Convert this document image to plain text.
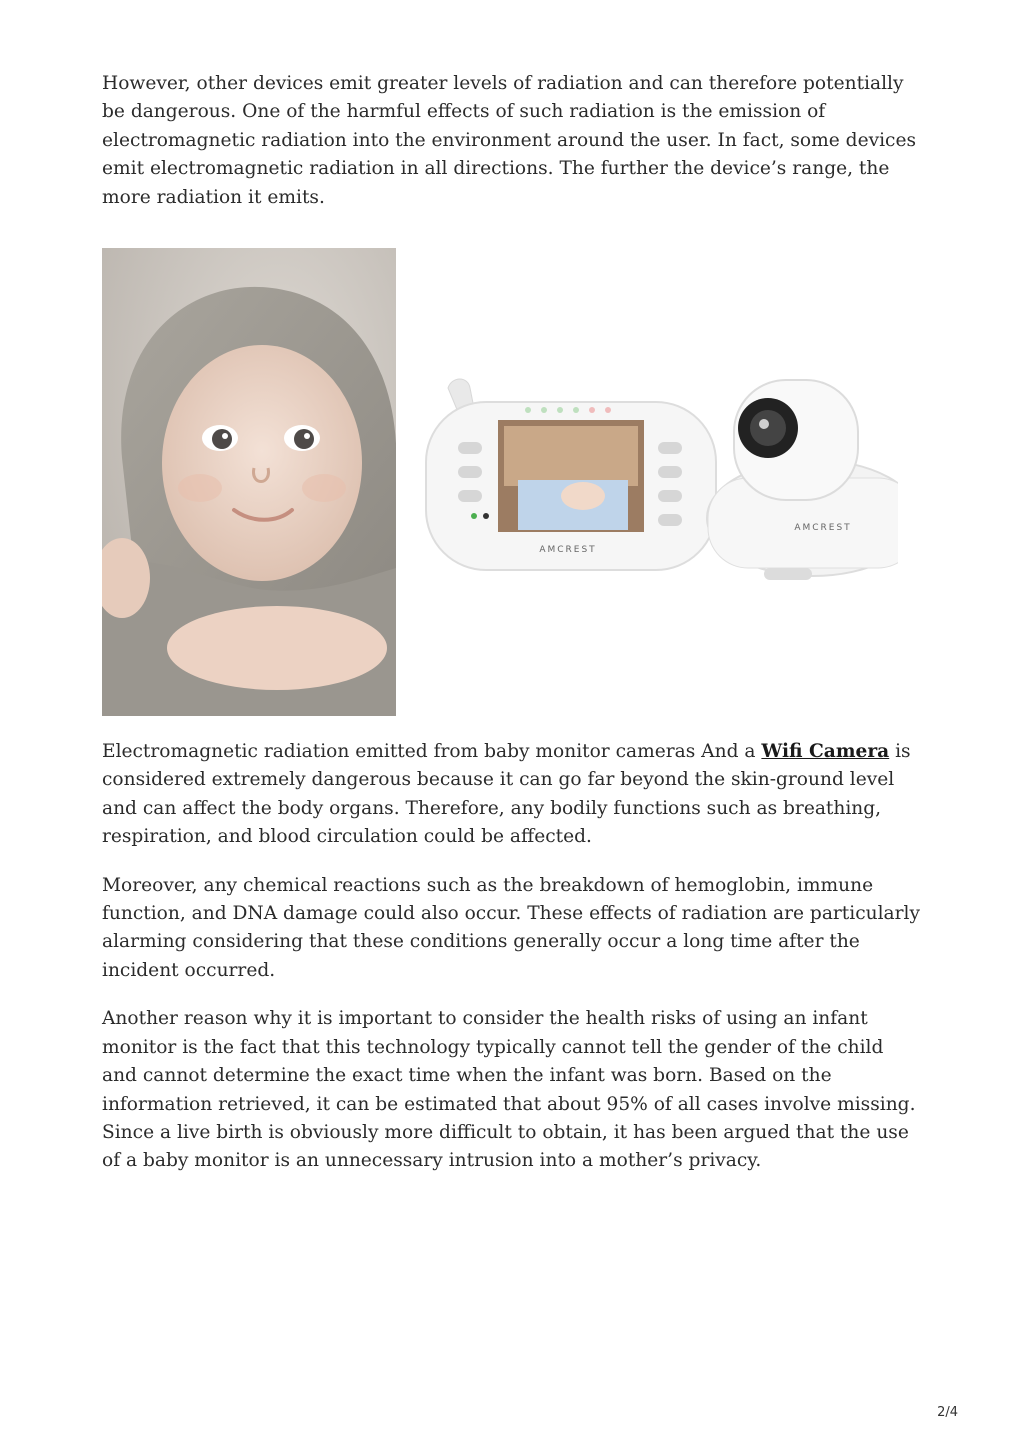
However, other devices emit greater levels of radiation and can therefore potentially be dangerous. One of the harmful effects of such radiation is the emission of electromagnetic radiation into the environment around the user. In fact, some devices emit electromagnetic radiation in all directions. The further the device’s range, the more radiation it emits.

AMCREST
AMCREST

Electromagnetic radiation emitted from baby monitor cameras And a Wifi Camera is considered extremely dangerous because it can go far beyond the skin-ground level and can affect the body organs. Therefore, any bodily functions such as breathing, respiration, and blood circulation could be affected.

Moreover, any chemical reactions such as the breakdown of hemoglobin, immune function, and DNA damage could also occur. These effects of radiation are particularly alarming considering that these conditions generally occur a long time after the incident occurred.

Another reason why it is important to consider the health risks of using an infant monitor is the fact that this technology typically cannot tell the gender of the child and cannot determine the exact time when the infant was born. Based on the information retrieved, it can be estimated that about 95% of all cases involve missing. Since a live birth is obviously more difficult to obtain, it has been argued that the use of a baby monitor is an unnecessary intrusion into a mother’s privacy.

2/4
